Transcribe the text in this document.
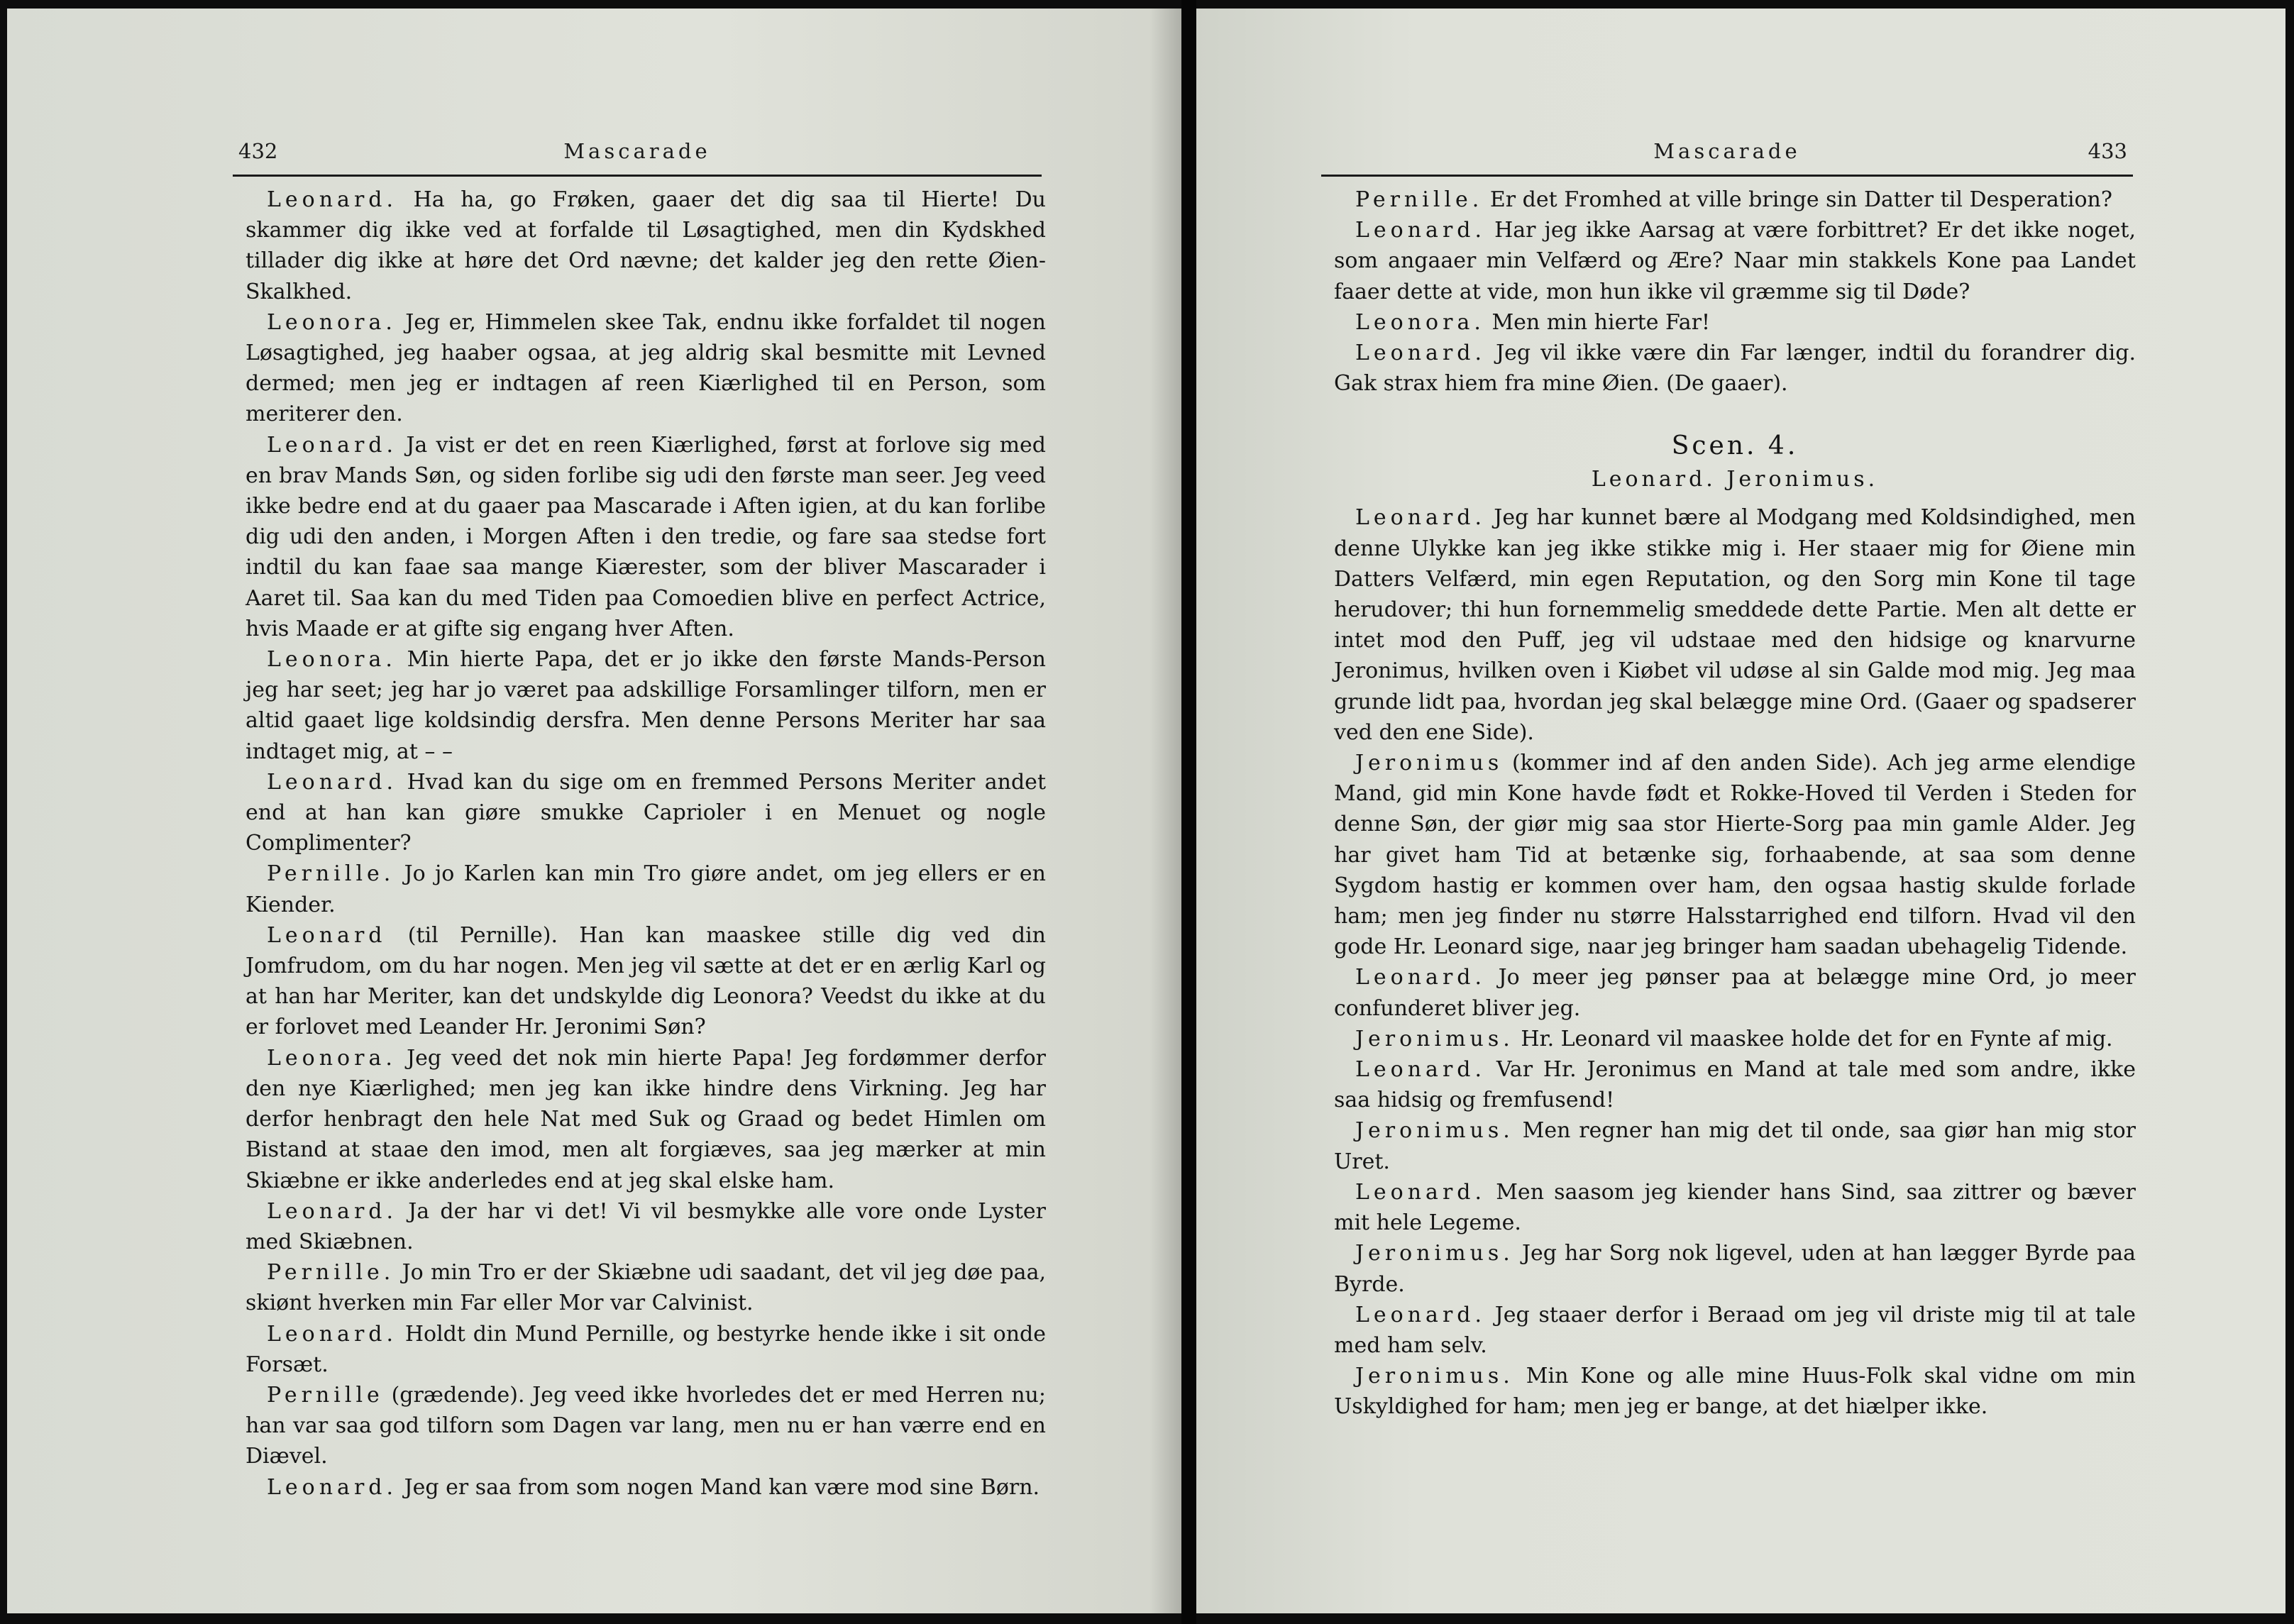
432	Mascarade

Leonard. Ha ha, go Frøken, gaaer det dig saa til Hierte! Du skammer dig ikke ved at forfalde til Løsagtighed, men din Kydskhed tillader dig ikke at høre det Ord nævne; det kalder jeg den rette Øien-Skalkhed.

Leonora. Jeg er, Himmelen skee Tak, endnu ikke forfaldet til nogen Løsagtighed, jeg haaber ogsaa, at jeg aldrig skal besmitte mit Levned dermed; men jeg er indtagen af reen Kiærlighed til en Person, som meriterer den.

Leonard. Ja vist er det en reen Kiærlighed, først at forlove sig med en brav Mands Søn, og siden forlibe sig udi den første man seer. Jeg veed ikke bedre end at du gaaer paa Mascarade i Aften igien, at du kan forlibe dig udi den anden, i Morgen Aften i den tredie, og fare saa stedse fort indtil du kan faae saa mange Kiærester, som der bliver Mascarader i Aaret til. Saa kan du med Tiden paa Comoedien blive en perfect Actrice, hvis Maade er at gifte sig engang hver Aften.

Leonora. Min hierte Papa, det er jo ikke den første Mands-Person jeg har seet; jeg har jo været paa adskillige Forsamlinger tilforn, men er altid gaaet lige koldsindig dersfra. Men denne Persons Meriter har saa indtaget mig, at – –

Leonard. Hvad kan du sige om en fremmed Persons Meriter andet end at han kan giøre smukke Caprioler i en Menuet og nogle Complimenter?

Pernille. Jo jo Karlen kan min Tro giøre andet, om jeg ellers er en Kiender.

Leonard (til Pernille). Han kan maaskee stille dig ved din Jomfrudom, om du har nogen. Men jeg vil sætte at det er en ærlig Karl og at han har Meriter, kan det undskylde dig Leonora? Veedst du ikke at du er forlovet med Leander Hr. Jeronimi Søn?

Leonora. Jeg veed det nok min hierte Papa! Jeg fordømmer derfor den nye Kiærlighed; men jeg kan ikke hindre dens Virkning. Jeg har derfor henbragt den hele Nat med Suk og Graad og bedet Himlen om Bistand at staae den imod, men alt forgiæves, saa jeg mærker at min Skiæbne er ikke anderledes end at jeg skal elske ham.

Leonard. Ja der har vi det! Vi vil besmykke alle vore onde Lyster med Skiæbnen.

Pernille. Jo min Tro er der Skiæbne udi saadant, det vil jeg døe paa, skiønt hverken min Far eller Mor var Calvinist.

Leonard. Holdt din Mund Pernille, og bestyrke hende ikke i sit onde Forsæt.

Pernille (grædende). Jeg veed ikke hvorledes det er med Herren nu; han var saa god tilforn som Dagen var lang, men nu er han værre end en Diævel.

Leonard. Jeg er saa from som nogen Mand kan være mod sine Børn.

Mascarade	433

Pernille. Er det Fromhed at ville bringe sin Datter til Desperation?

Leonard. Har jeg ikke Aarsag at være forbittret? Er det ikke noget, som angaaer min Velfærd og Ære? Naar min stakkels Kone paa Landet faaer dette at vide, mon hun ikke vil græmme sig til Døde?

Leonora. Men min hierte Far!

Leonard. Jeg vil ikke være din Far længer, indtil du forandrer dig. Gak strax hiem fra mine Øien. (De gaaer).

Scen. 4.
Leonard. Jeronimus.

Leonard. Jeg har kunnet bære al Modgang med Koldsindighed, men denne Ulykke kan jeg ikke stikke mig i. Her staaer mig for Øiene min Datters Velfærd, min egen Reputation, og den Sorg min Kone til tage herudover; thi hun fornemmelig smeddede dette Partie. Men alt dette er intet mod den Puff, jeg vil udstaae med den hidsige og knarvurne Jeronimus, hvilken oven i Kiøbet vil udøse al sin Galde mod mig. Jeg maa grunde lidt paa, hvordan jeg skal belægge mine Ord. (Gaaer og spadserer ved den ene Side).

Jeronimus (kommer ind af den anden Side). Ach jeg arme elendige Mand, gid min Kone havde født et Rokke-Hoved til Verden i Steden for denne Søn, der giør mig saa stor Hierte-Sorg paa min gamle Alder. Jeg har givet ham Tid at betænke sig, forhaabende, at saa som denne Sygdom hastig er kommen over ham, den ogsaa hastig skulde forlade ham; men jeg finder nu større Halsstarrighed end tilforn. Hvad vil den gode Hr. Leonard sige, naar jeg bringer ham saadan ubehagelig Tidende.

Leonard. Jo meer jeg pønser paa at belægge mine Ord, jo meer confunderet bliver jeg.

Jeronimus. Hr. Leonard vil maaskee holde det for en Fynte af mig.

Leonard. Var Hr. Jeronimus en Mand at tale med som andre, ikke saa hidsig og fremfusend!

Jeronimus. Men regner han mig det til onde, saa giør han mig stor Uret.

Leonard. Men saasom jeg kiender hans Sind, saa zittrer og bæver mit hele Legeme.

Jeronimus. Jeg har Sorg nok ligevel, uden at han lægger Byrde paa Byrde.

Leonard. Jeg staaer derfor i Beraad om jeg vil driste mig til at tale med ham selv.

Jeronimus. Min Kone og alle mine Huus-Folk skal vidne om min Uskyldighed for ham; men jeg er bange, at det hiælper ikke.
